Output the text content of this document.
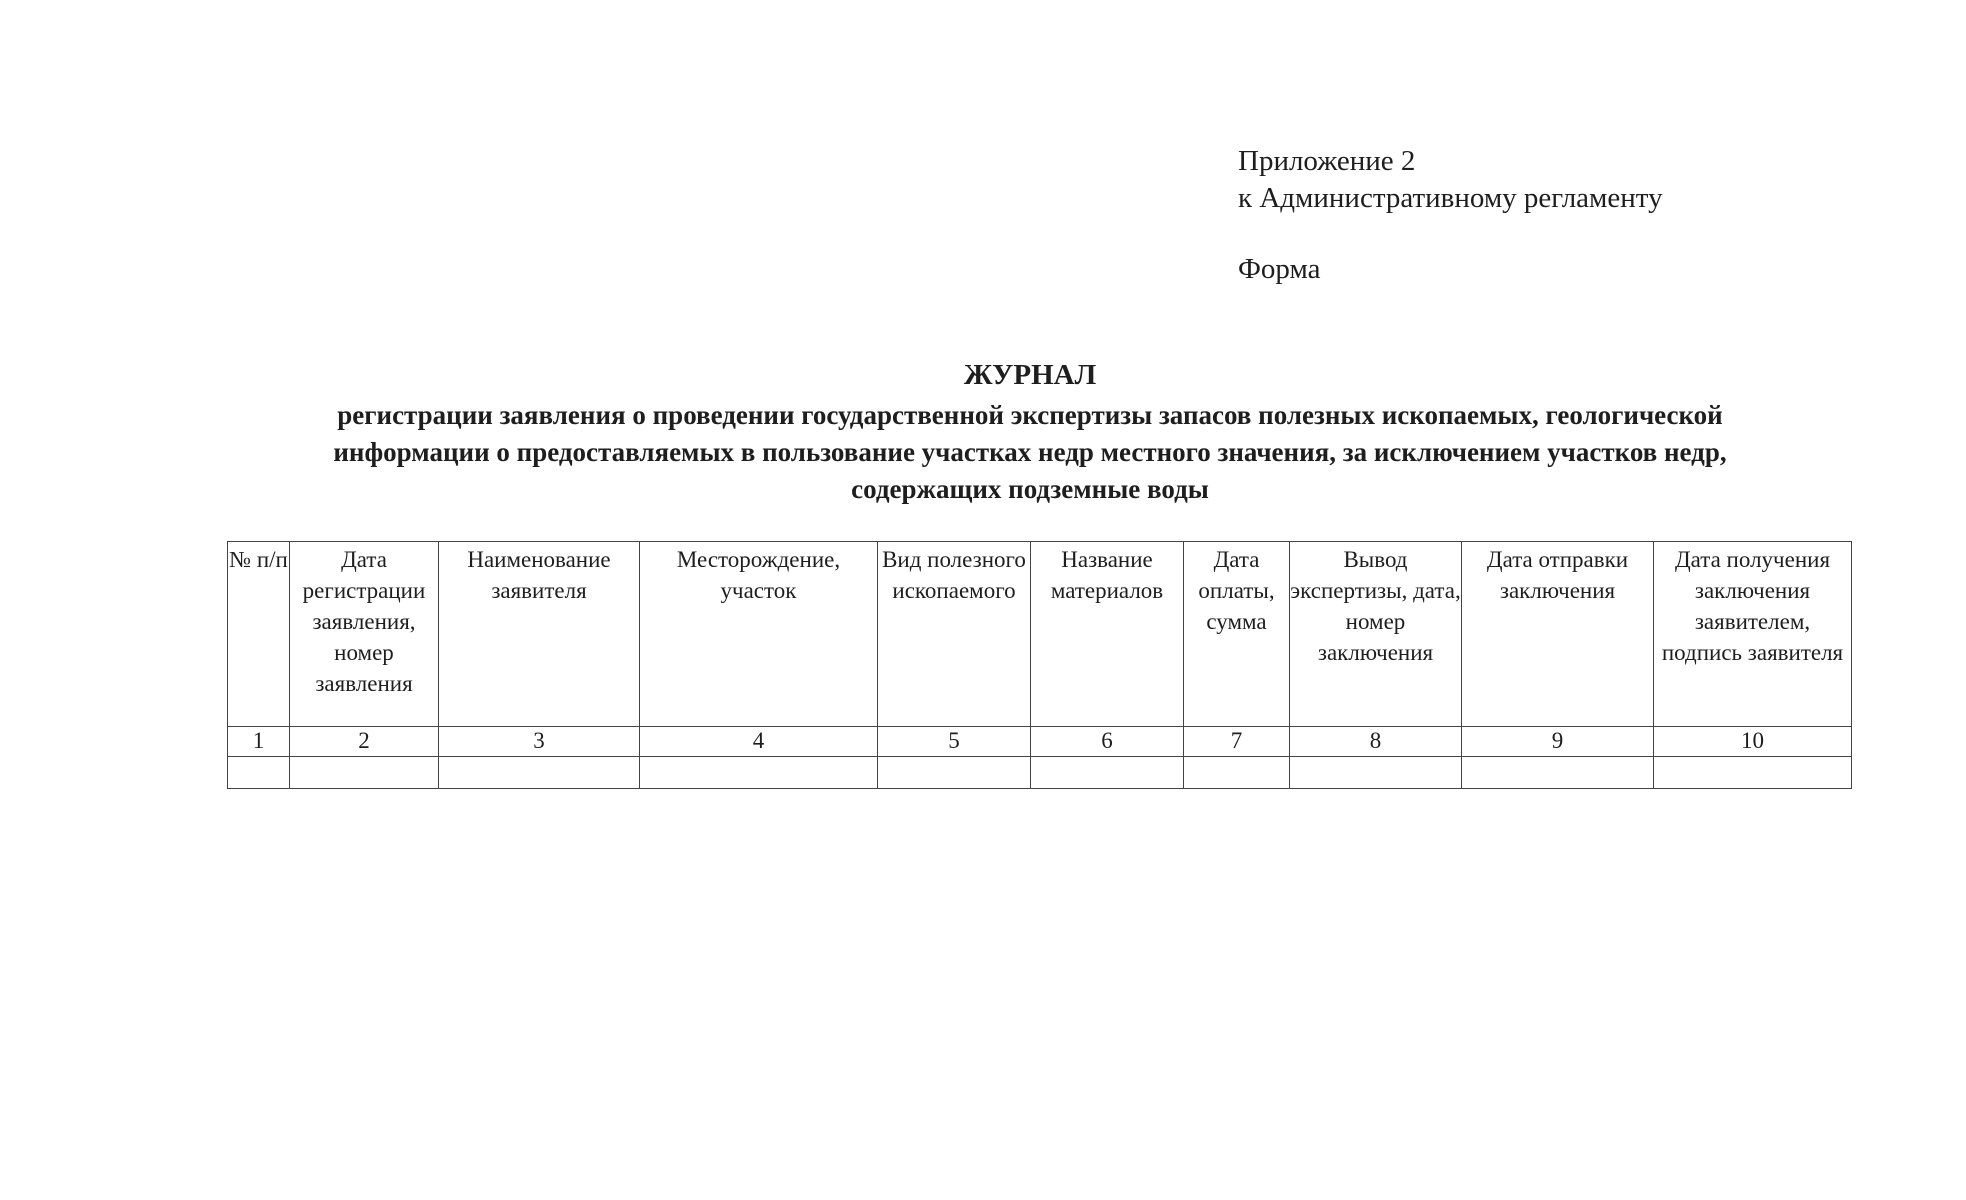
Приложение 2
к Административному регламенту
Форма

ЖУРНАЛ

регистрации заявления о проведении государственной экспертизы запасов полезных ископаемых, геологической
информации о предоставляемых в пользование участках недр местного значения, за исключением участков недр,
содержащих подземные воды

№ п/п	Дата регистрации заявления, номер заявления	Наименование заявителя	Месторождение, участок	Вид полезного ископаемого	Название материалов	Дата оплаты, сумма	Вывод экспертизы, дата, номер заключения	Дата отправки заключения	Дата получения заключения заявителем, подпись заявителя
1	2	3	4	5	6	7	8	9	10
